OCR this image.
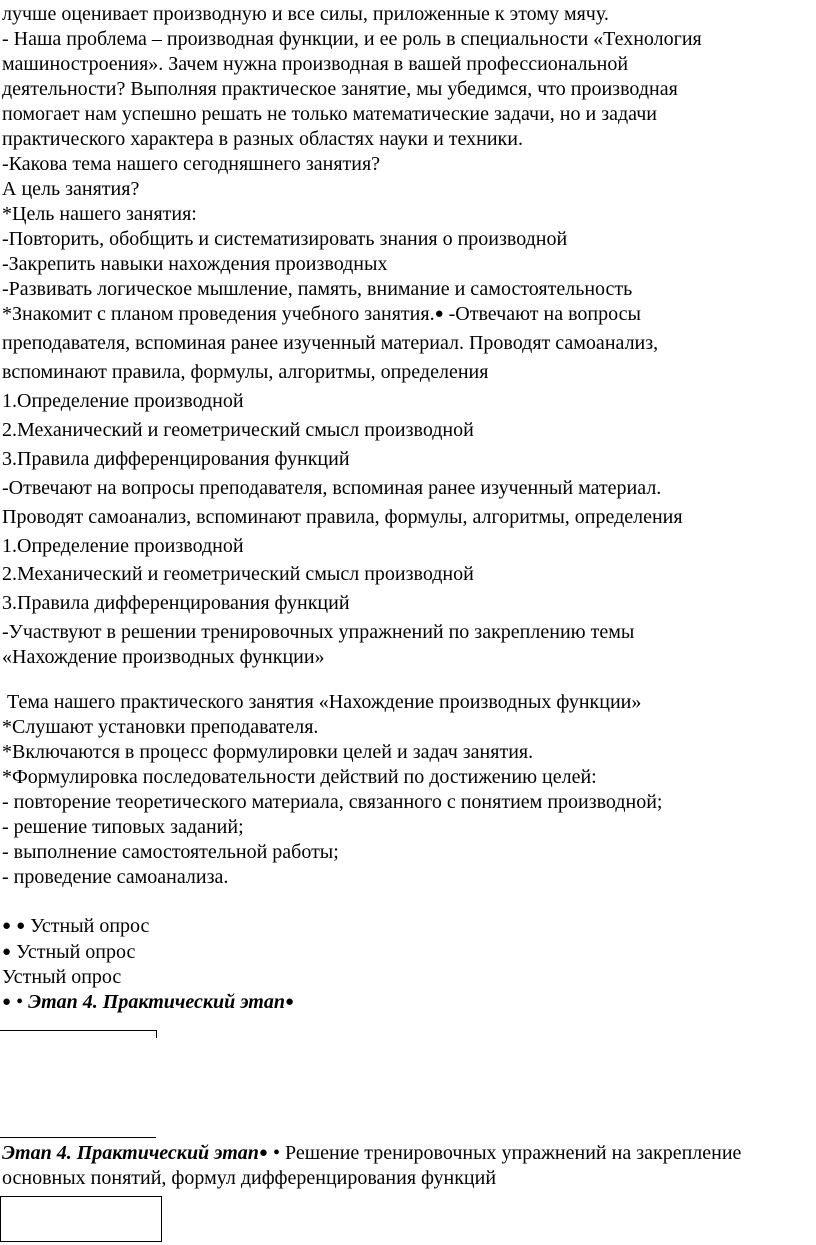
лучше оценивает производную и все силы, приложенные к этому мячу.
- Наша проблема – производная функции, и ее роль в специальности «Технология
машиностроения». Зачем нужна производная в вашей профессиональной
деятельности? Выполняя практическое занятие, мы убедимся, что производная
помогает нам успешно решать не только математические задачи, но и задачи
практического характера в разных областях науки и техники.
-Какова тема нашего сегодняшнего занятия?
А цель занятия?
*Цель нашего занятия:
-Повторить, обобщить и систематизировать знания о производной
-Закрепить навыки нахождения производных
-Развивать логическое мышление, память, внимание и самостоятельность
*Знакомит с планом проведения учебного занятия.● -Отвечают на вопросы
преподавателя, вспоминая ранее изученный материал. Проводят самоанализ,
вспоминают правила, формулы, алгоритмы, определения
1.Определение производной
2.Механический и геометрический смысл производной
3.Правила дифференцирования функций
-Отвечают на вопросы преподавателя, вспоминая ранее изученный материал.
Проводят самоанализ, вспоминают правила, формулы, алгоритмы, определения
1.Определение производной
2.Механический и геометрический смысл производной
3.Правила дифференцирования функций
-Участвуют в решении тренировочных упражнений по закреплению темы
«Нахождение производных функции»
Тема нашего практического занятия «Нахождение производных функции»
*Слушают установки преподавателя.
*Включаются в процесс формулировки целей и задач занятия.
*Формулировка последовательности действий по достижению целей:
- повторение теоретического материала, связанного с понятием производной;
- решение типовых заданий;
- выполнение самостоятельной работы;
- проведение самоанализа.
● ● Устный опрос
● Устный опрос
Устный опрос
● • Этап 4. Практический этап●
Этап 4. Практический этап● • Решение тренировочных упражнений на закрепление
основных понятий, формул дифференцирования функций
